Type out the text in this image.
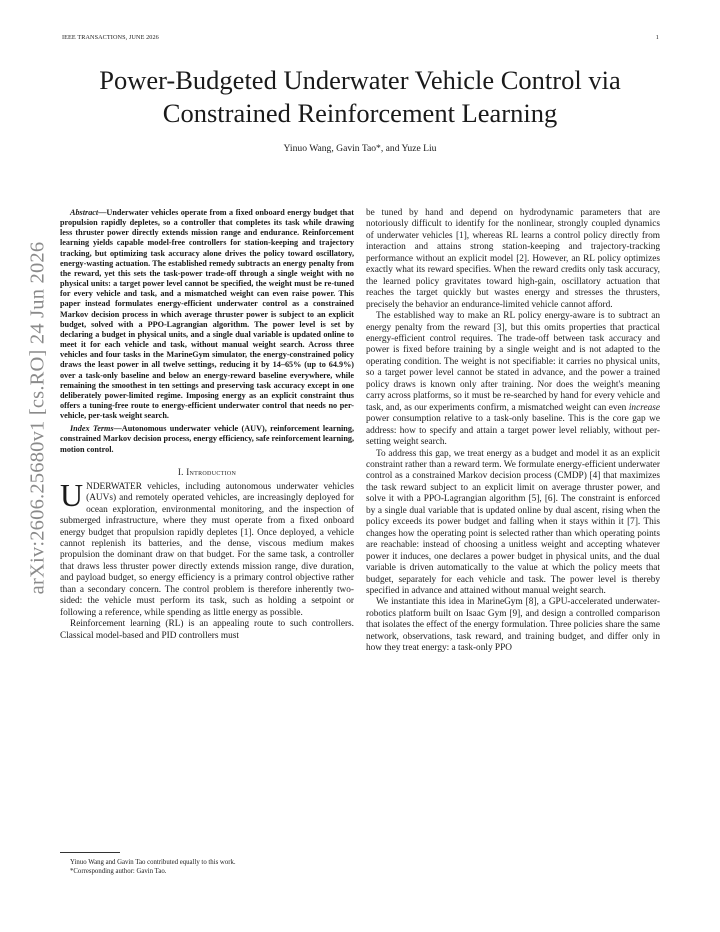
IEEE TRANSACTIONS, JUNE 2026	1
arXiv:2606.25680v1 [cs.RO] 24 Jun 2026
Power-Budgeted Underwater Vehicle Control via
Constrained Reinforcement Learning
Yinuo Wang, Gavin Tao*, and Yuze Liu

Abstract—Underwater vehicles operate from a fixed onboard energy budget that propulsion rapidly depletes, so a controller that completes its task while drawing less thruster power directly extends mission range and endurance. Reinforcement learning yields capable model-free controllers for station-keeping and trajectory tracking, but optimizing task accuracy alone drives the policy toward oscillatory, energy-wasting actuation. The established remedy subtracts an energy penalty from the reward, yet this sets the task-power trade-off through a single weight with no physical units: a target power level cannot be specified, the weight must be re-tuned for every vehicle and task, and a mismatched weight can even raise power. This paper instead formulates energy-efficient underwater control as a constrained Markov decision process in which average thruster power is subject to an explicit budget, solved with a PPO-Lagrangian algorithm. The power level is set by declaring a budget in physical units, and a single dual variable is updated online to meet it for each vehicle and task, without manual weight search. Across three vehicles and four tasks in the MarineGym simulator, the energy-constrained policy draws the least power in all twelve settings, reducing it by 14–65% (up to 64.9%) over a task-only baseline and below an energy-reward baseline everywhere, while remaining the smoothest in ten settings and preserving task accuracy except in one deliberately power-limited regime. Imposing energy as an explicit constraint thus offers a tuning-free route to energy-efficient underwater control that needs no per-vehicle, per-task weight search.

Index Terms—Autonomous underwater vehicle (AUV), reinforcement learning, constrained Markov decision process, energy efficiency, safe reinforcement learning, motion control.

I. Introduction

UNDERWATER vehicles, including autonomous underwater vehicles (AUVs) and remotely operated vehicles, are increasingly deployed for ocean exploration, environmental monitoring, and the inspection of submerged infrastructure, where they must operate from a fixed onboard energy budget that propulsion rapidly depletes [1]. Once deployed, a vehicle cannot replenish its batteries, and the dense, viscous medium makes propulsion the dominant draw on that budget. For the same task, a controller that draws less thruster power directly extends mission range, dive duration, and payload budget, so energy efficiency is a primary control objective rather than a secondary concern. The control problem is therefore inherently two-sided: the vehicle must perform its task, such as holding a setpoint or following a reference, while spending as little energy as possible.

Reinforcement learning (RL) is an appealing route to such controllers. Classical model-based and PID controllers must

Yinuo Wang and Gavin Tao contributed equally to this work.
*Corresponding author: Gavin Tao.

be tuned by hand and depend on hydrodynamic parameters that are notoriously difficult to identify for the nonlinear, strongly coupled dynamics of underwater vehicles [1], whereas RL learns a control policy directly from interaction and attains strong station-keeping and trajectory-tracking performance without an explicit model [2]. However, an RL policy optimizes exactly what its reward specifies. When the reward credits only task accuracy, the learned policy gravitates toward high-gain, oscillatory actuation that reaches the target quickly but wastes energy and stresses the thrusters, precisely the behavior an endurance-limited vehicle cannot afford.

The established way to make an RL policy energy-aware is to subtract an energy penalty from the reward [3], but this omits properties that practical energy-efficient control requires. The trade-off between task accuracy and power is fixed before training by a single weight and is not adapted to the operating condition. The weight is not specifiable: it carries no physical units, so a target power level cannot be stated in advance, and the power a trained policy draws is known only after training. Nor does the weight's meaning carry across platforms, so it must be re-searched by hand for every vehicle and task, and, as our experiments confirm, a mismatched weight can even increase power consumption relative to a task-only baseline. This is the core gap we address: how to specify and attain a target power level reliably, without per-setting weight search.

To address this gap, we treat energy as a budget and model it as an explicit constraint rather than a reward term. We formulate energy-efficient underwater control as a constrained Markov decision process (CMDP) [4] that maximizes the task reward subject to an explicit limit on average thruster power, and solve it with a PPO-Lagrangian algorithm [5], [6]. The constraint is enforced by a single dual variable that is updated online by dual ascent, rising when the policy exceeds its power budget and falling when it stays within it [7]. This changes how the operating point is selected rather than which operating points are reachable: instead of choosing a unitless weight and accepting whatever power it induces, one declares a power budget in physical units, and the dual variable is driven automatically to the value at which the policy meets that budget, separately for each vehicle and task. The power level is thereby specified in advance and attained without manual weight search.

We instantiate this idea in MarineGym [8], a GPU-accelerated underwater-robotics platform built on Isaac Gym [9], and design a controlled comparison that isolates the effect of the energy formulation. Three policies share the same network, observations, task reward, and training budget, and differ only in how they treat energy: a task-only PPO
